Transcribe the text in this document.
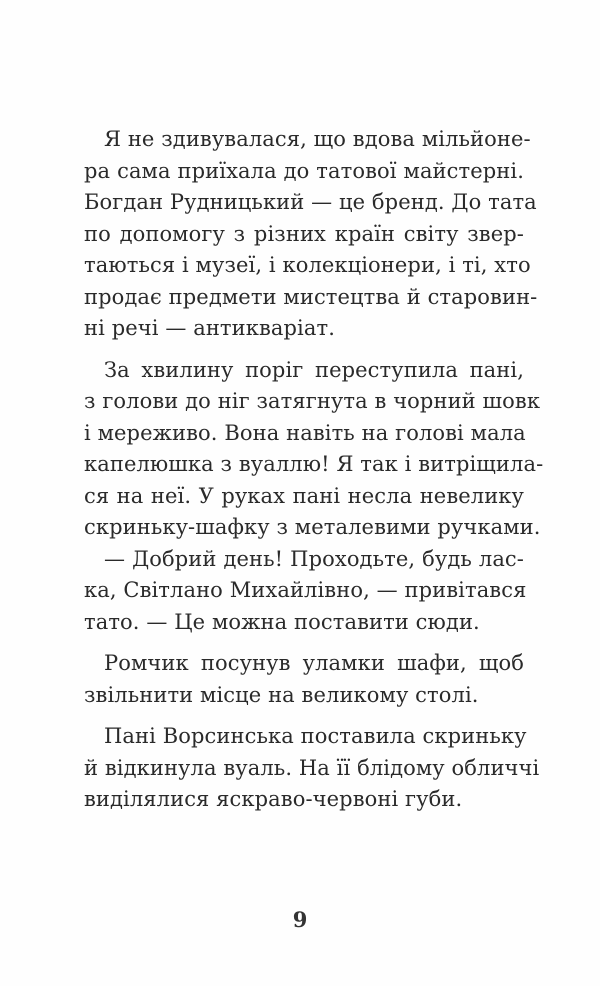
Я не здивувалася, що вдова мільйоне-
ра сама приїхала до татової майстерні.
Богдан Рудницький — це бренд. До тата
по допомогу з різних країн світу звер-
таються і музеї, і колекціонери, і ті, хто
продає предмети мистецтва й старовин-
ні речі — антикваріат.
За хвилину поріг переступила пані,
з голови до ніг затягнута в чорний шовк
і мереживо. Вона навіть на голові мала
капелюшка з вуаллю! Я так і витріщила-
ся на неї. У руках пані несла невелику
скриньку-шафку з металевими ручками.
— Добрий день! Проходьте, будь лас-
ка, Світлано Михайлівно, — привітався
тато. — Це можна поставити сюди.
Ромчик посунув уламки шафи, щоб
звільнити місце на великому столі.
Пані Ворсинська поставила скриньку
й відкинула вуаль. На її блідому обличчі
виділялися яскраво-червоні губи.
9
